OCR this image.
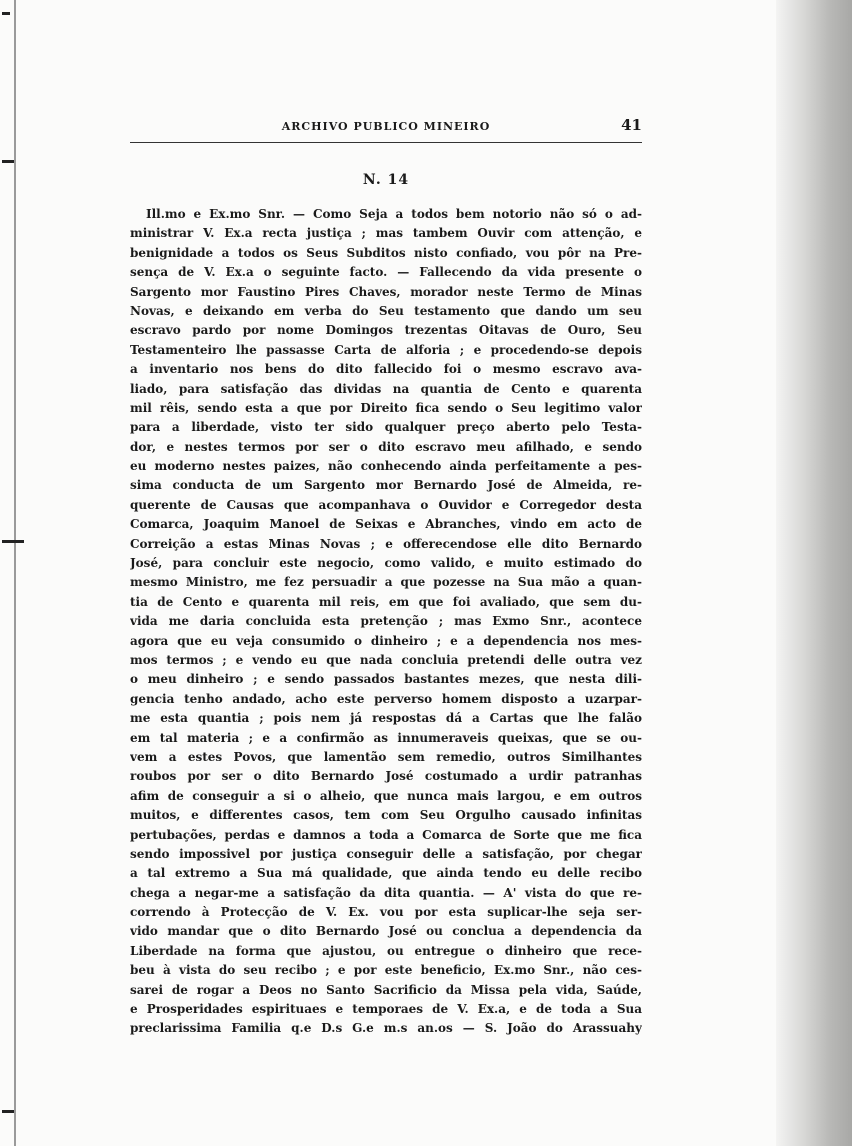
ARCHIVO PUBLICO MINEIRO	41
N. 14
Ill.mo e Ex.mo Snr. — Como Seja a todos bem notorio não só o ad-
ministrar V. Ex.a recta justiça ; mas tambem Ouvir com attenção, e
benignidade a todos os Seus Subditos nisto confiado, vou pôr na Pre-
sença de V. Ex.a o seguinte facto. — Fallecendo da vida presente o
Sargento mor Faustino Pires Chaves, morador neste Termo de Minas
Novas, e deixando em verba do Seu testamento que dando um seu
escravo pardo por nome Domingos trezentas Oitavas de Ouro, Seu
Testamenteiro lhe passasse Carta de alforia ; e procedendo-se depois
a inventario nos bens do dito fallecido foi o mesmo escravo ava-
liado, para satisfação das dividas na quantia de Cento e quarenta
mil rêis, sendo esta a que por Direito fica sendo o Seu legitimo valor
para a liberdade, visto ter sido qualquer preço aberto pelo Testa-
dor, e nestes termos por ser o dito escravo meu afilhado, e sendo
eu moderno nestes paizes, não conhecendo ainda perfeitamente a pes-
sima conducta de um Sargento mor Bernardo José de Almeida, re-
querente de Causas que acompanhava o Ouvidor e Corregedor desta
Comarca, Joaquim Manoel de Seixas e Abranches, vindo em acto de
Correição a estas Minas Novas ; e offerecendose elle dito Bernardo
José, para concluir este negocio, como valido, e muito estimado do
mesmo Ministro, me fez persuadir a que pozesse na Sua mão a quan-
tia de Cento e quarenta mil reis, em que foi avaliado, que sem du-
vida me daria concluida esta pretenção ; mas Exmo Snr., acontece
agora que eu veja consumido o dinheiro ; e a dependencia nos mes-
mos termos ; e vendo eu que nada concluia pretendi delle outra vez
o meu dinheiro ; e sendo passados bastantes mezes, que nesta dili-
gencia tenho andado, acho este perverso homem disposto a uzarpar-
me esta quantia ; pois nem já respostas dá a Cartas que lhe falão
em tal materia ; e a confirmão as innumeraveis queixas, que se ou-
vem a estes Povos, que lamentão sem remedio, outros Similhantes
roubos por ser o dito Bernardo José costumado a urdir patranhas
afim de conseguir a si o alheio, que nunca mais largou, e em outros
muitos, e differentes casos, tem com Seu Orgulho causado infinitas
pertubações, perdas e damnos a toda a Comarca de Sorte que me fica
sendo impossivel por justiça conseguir delle a satisfação, por chegar
a tal extremo a Sua má qualidade, que ainda tendo eu delle recibo
chega a negar-me a satisfação da dita quantia. — A' vista do que re-
correndo à Protecção de V. Ex. vou por esta suplicar-lhe seja ser-
vido mandar que o dito Bernardo José ou conclua a dependencia da
Liberdade na forma que ajustou, ou entregue o dinheiro que rece-
beu à vista do seu recibo ; e por este beneficio, Ex.mo Snr., não ces-
sarei de rogar a Deos no Santo Sacrificio da Missa pela vida, Saúde,
e Prosperidades espirituaes e temporaes de V. Ex.a, e de toda a Sua
preclarissima Familia q.e D.s G.e m.s an.os — S. João do Arassuahy
